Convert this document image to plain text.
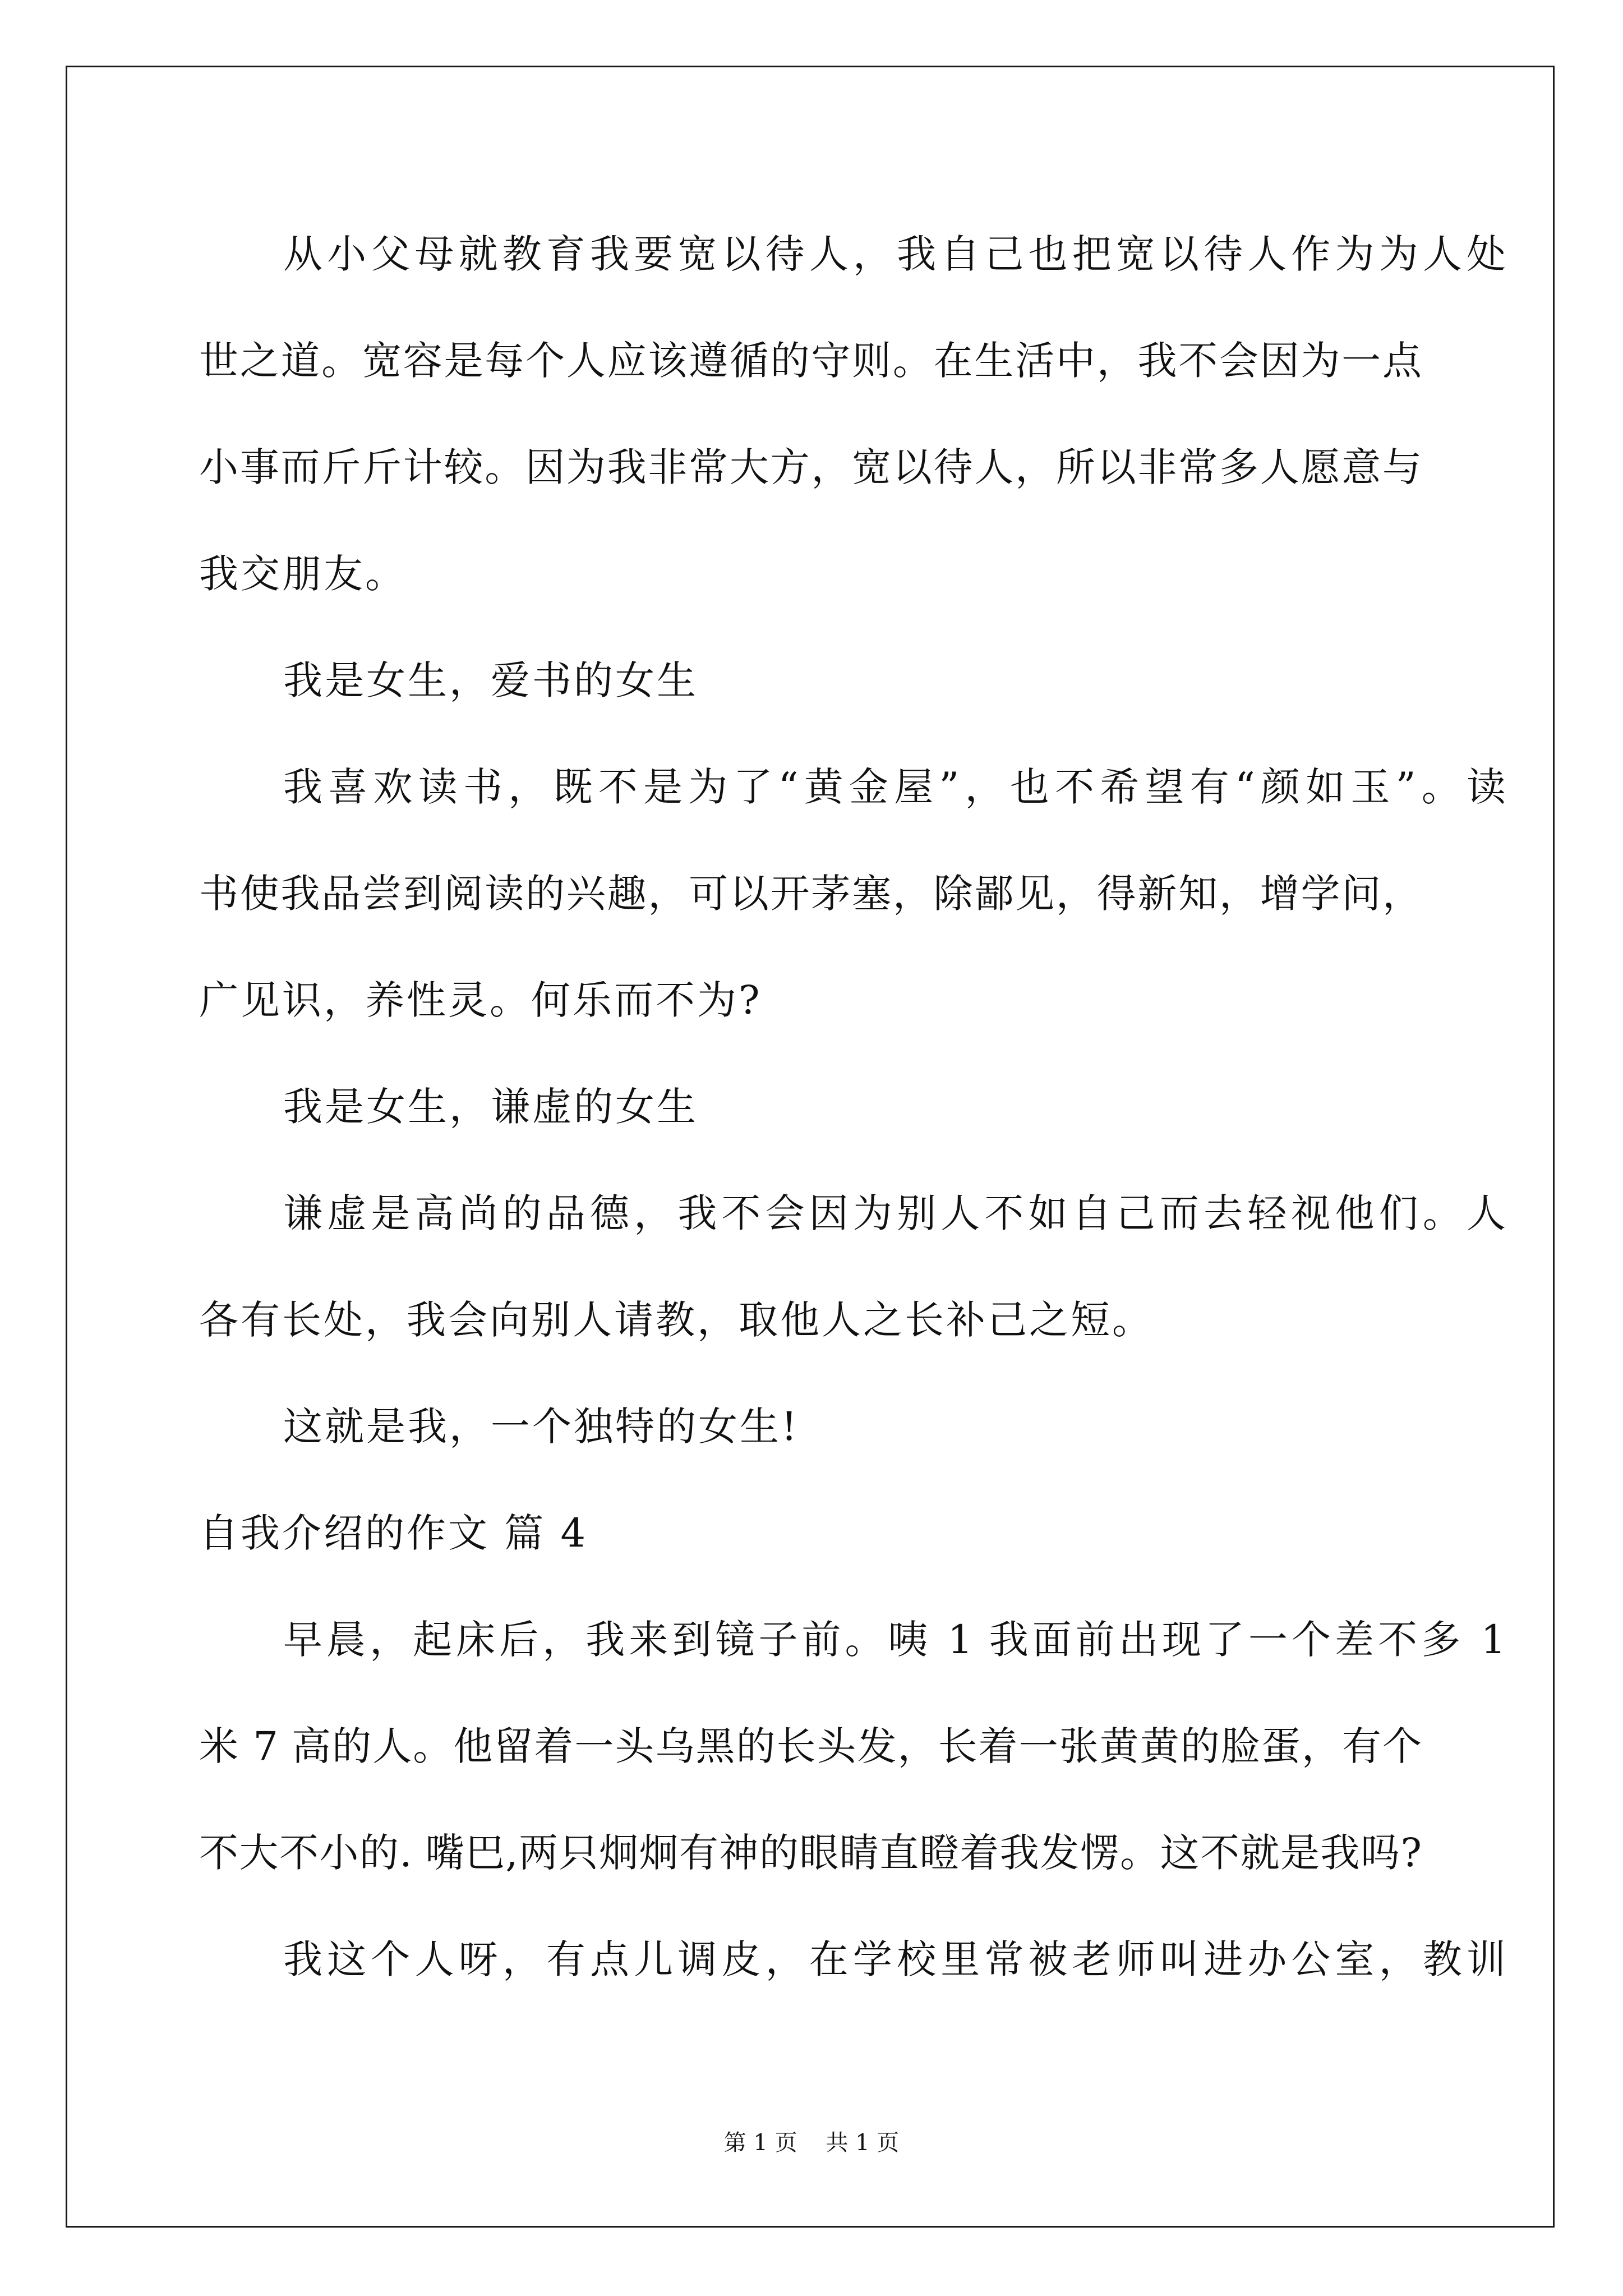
从小父母就教育我要宽以待人，我自己也把宽以待人作为为人处

世之道。宽容是每个人应该遵循的守则。在生活中，我不会因为一点

小事而斤斤计较。因为我非常大方，宽以待人，所以非常多人愿意与

我交朋友。

我是女生，爱书的女生

我喜欢读书，既不是为了“黄金屋”，也不希望有“颜如玉”。读

书使我品尝到阅读的兴趣，可以开茅塞，除鄙见，得新知，增学问，

广见识，养性灵。何乐而不为?

我是女生，谦虚的女生

谦虚是高尚的品德，我不会因为别人不如自己而去轻视他们。人

各有长处，我会向别人请教，取他人之长补己之短。

这就是我，一个独特的女生!

自我介绍的作文 篇 4

早晨，起床后，我来到镜子前。咦 1 我面前出现了一个差不多 1

米 7 高的人。他留着一头乌黑的长头发，长着一张黄黄的脸蛋，有个

不大不小的. 嘴巴,两只炯炯有神的眼睛直瞪着我发愣。这不就是我吗?

我这个人呀，有点儿调皮，在学校里常被老师叫进办公室，教训

第 1 页    共 1 页
